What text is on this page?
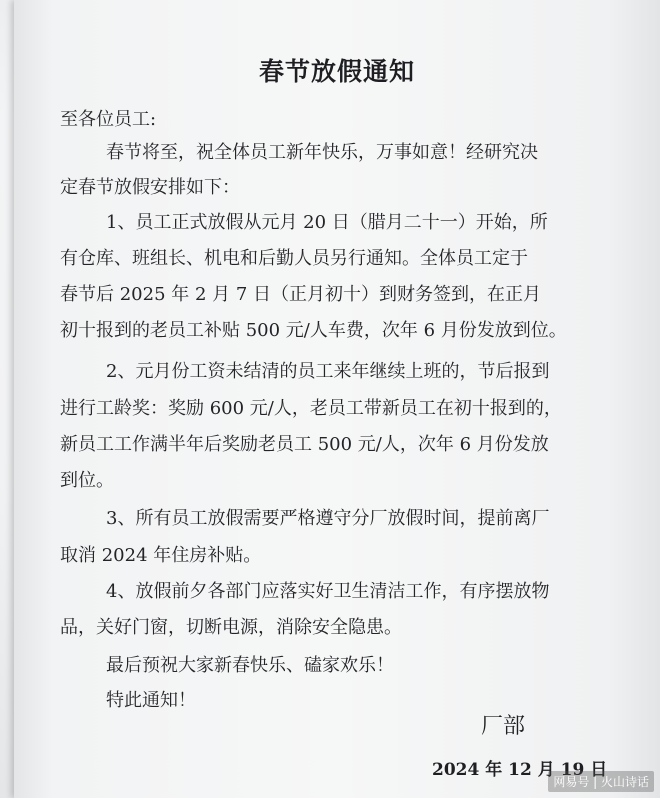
春节放假通知
至各位员工:
春节将至，祝全体员工新年快乐，万事如意！经研究决
定春节放假安排如下：
1、员工正式放假从元月 20 日（腊月二十一）开始，所
有仓库、班组长、机电和后勤人员另行通知。全体员工定于
春节后 2025 年 2 月 7 日（正月初十）到财务签到，在正月
初十报到的老员工补贴 500 元/人车费，次年 6 月份发放到位。
2、元月份工资未结清的员工来年继续上班的，节后报到
进行工龄奖：奖励 600 元/人，老员工带新员工在初十报到的，
新员工工作满半年后奖励老员工 500 元/人，次年 6 月份发放
到位。
3、所有员工放假需要严格遵守分厂放假时间，提前离厂
取消 2024 年住房补贴。
4、放假前夕各部门应落实好卫生清洁工作，有序摆放物
品，关好门窗，切断电源，消除安全隐患。
最后预祝大家新春快乐、磕家欢乐！
特此通知！
厂部
2024 年 12 月 19 日
网易号 | 火山诗话
